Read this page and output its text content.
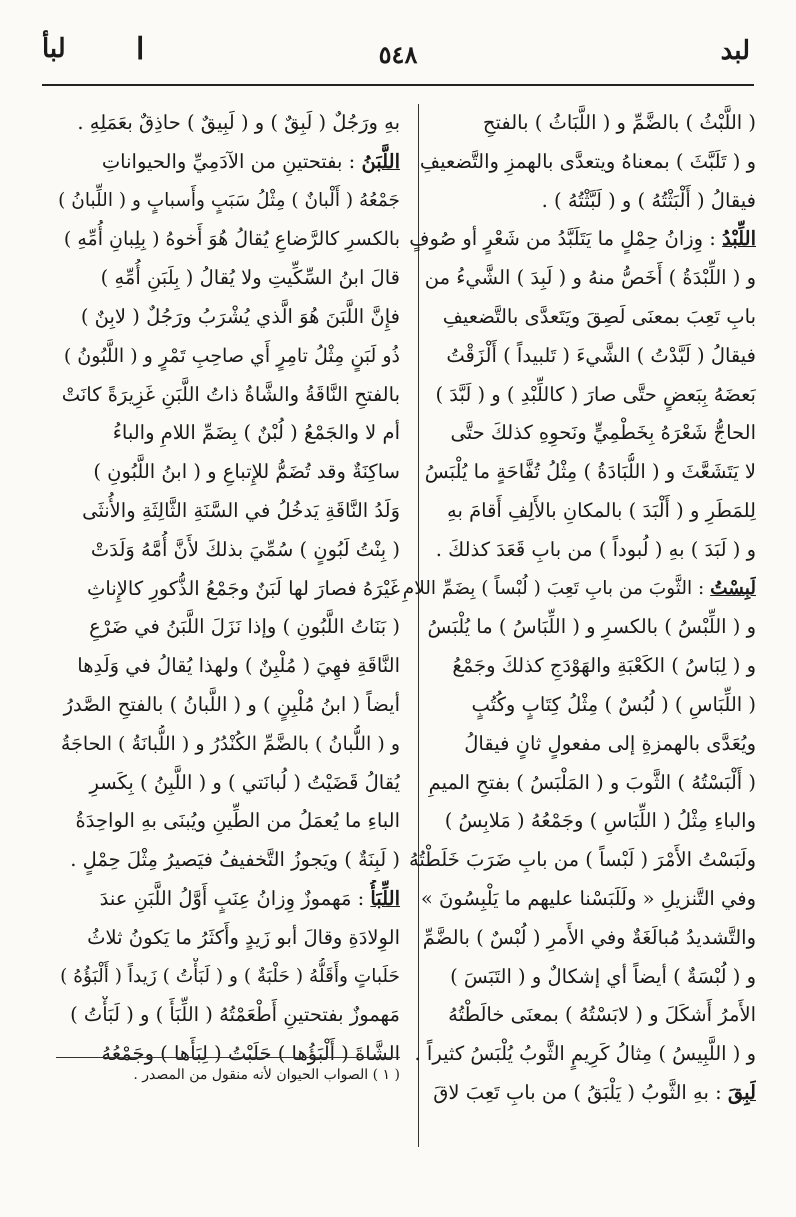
لبد
٥٤٨
ا
لبأ
( اللَّبْثُ ) بالضَّمِّ و ( اللَّبَاثُ ) بالفتحِ
و ( تَلَبَّثَ ) بمعناهُ ويتعدَّى بالهمزِ والتَّضعيفِ
فيقالُ ( أَلْبَثْتُهُ ) و ( لَبَّثْتُهُ ) .
اللِّبْدُ : وِزانُ حِمْلٍ ما يَتَلَبَّدُ من شَعْرٍ أو صُوفٍ
و ( اللِّبْدَةُ ) أَخَصُّ منهُ و ( لَبِدَ ) الشَّيءُ من
بابِ تَعِبَ بمعنَى لَصِقَ ويَتَعدَّى بالتَّضعيفِ
فيقالُ ( لَبَّدْتُ ) الشَّيءَ ( تَلبيداً ) أَلْزَقْتُ
بَعضَهُ بِبَعضٍ حتَّى صارَ ( كاللِّبْدِ ) و ( لَبَّدَ )
الحاجُّ شَعْرَهُ بِخَطْمِيٍّ ونَحوِهِ كذلكَ حتَّى
لا يَتَشَعَّثَ و ( اللُّبَادَةُ ) مِثْلُ تُفَّاحَةٍ ما يُلْبَسُ
لِلمَطَرِ و ( أَلْبَدَ ) بالمكانِ بالأَلِفِ أَقامَ بهِ
و ( لَبَدَ ) بهِ ( لُبوداً ) من بابِ قَعَدَ كذلكَ .
لَبِسْتُ : الثَّوبَ من بابِ تَعِبَ ( لُبْساً ) بِضَمِّ اللامِ
و ( اللِّبْسُ ) بالكسرِ و ( اللِّبَاسُ ) ما يُلْبَسُ
و ( لِبَاسُ ) الكَعْبَةِ والهَوْدَجِ كذلكَ وجَمْعُ
( اللِّبَاسِ ) ( لُبُسٌ ) مِثْلُ كِتَابٍ وكُتُبٍ
ويُعَدَّى بالهمزةِ إلى مفعولٍ ثانٍ فيقالُ
( أَلْبَسْتُهُ ) الثَّوبَ و ( المَلْبَسُ ) بفتحِ الميمِ
والباءِ مِثْلُ ( اللِّبَاسِ ) وجَمْعُهُ ( مَلابِسُ )
ولَبَسْتُ الأَمْرَ ( لَبْساً ) من بابِ ضَرَبَ خَلَطْتُهُ
وفي التَّنزيلِ « ولَلَبَسْنا عليهم ما يَلْبِسُونَ »
والتَّشديدُ مُبالَغَةٌ وفي الأَمرِ ( لُبْسٌ ) بالضَّمِّ
و ( لُبْسَةٌ ) أيضاً أي إشكالٌ و ( التَبَسَ )
الأَمرُ أَشكَلَ و ( لابَسْتُهُ ) بمعنَى خالَطْتُهُ
و ( اللَّبِيسُ ) مِثالُ كَرِيمٍ الثَّوبُ يُلْبَسُ كثيراً .
لَبِقَ : بهِ الثَّوبُ ( يَلْبَقُ ) من بابِ تَعِبَ لاقَ
بهِ ورَجُلٌ ( لَبِقٌ ) و ( لَبِيقٌ ) حاذِقٌ بعَمَلِهِ .
اللَّبَنُ : بفتحتينِ من الآدَمِيِّ والحيواناتِ
جَمْعُهُ ( أَلْبانٌ ) مِثْلُ سَبَبٍ وأَسبابٍ و ( اللِّبانُ )
بالكسرِ كالرَّضاعِ يُقالُ هُوَ أَخوهُ ( بِلِبانِ أُمِّهِ )
قالَ ابنُ السِّكِّيتِ ولا يُقالُ ( بِلَبَنِ أُمِّهِ )
فإِنَّ اللَّبَنَ هُوَ الَّذي يُشْرَبُ ورَجُلٌ ( لابِنٌ )
ذُو لَبَنٍ مِثْلُ تامِرٍ أَي صاحِبِ تَمْرٍ و ( اللَّبُونُ )
بالفتحِ النَّاقَةُ والشَّاةُ ذاتُ اللَّبَنِ غَزِيرَةً كانَتْ
أم لا والجَمْعُ ( لُبْنٌ ) بِضَمِّ اللامِ والباءُ
ساكِنَةٌ وقد تُضَمُّ للإِتباعِ و ( ابنُ اللَّبُونِ )
وَلَدُ النَّاقَةِ يَدخُلُ في السَّنَةِ الثَّالِثَةِ والأُنثَى
( بِنْتُ لَبُونٍ ) سُمِّيَ بذلكَ لأَنَّ أُمَّهُ وَلَدَتْ
غَيْرَهُ فصارَ لها لَبَنٌ وجَمْعُ الذُّكورِ كالإِناثِ
( بَنَاتُ اللَّبُونِ ) وإذا نَزَلَ اللَّبَنُ في ضَرْعِ
النَّاقَةِ فهِيَ ( مُلْبِنٌ ) ولهذا يُقالُ في وَلَدِها
أيضاً ( ابنُ مُلْبِنٍ ) و ( اللَّبانُ ) بالفتحِ الصَّدرُ
و ( اللُّبانُ ) بالضَّمِّ الكُنْدُرُ و ( اللُّبانَةُ ) الحاجَةُ
يُقالُ قَضَيْتُ ( لُبانَتي ) و ( اللَّبِنُ ) بِكَسرِ
الباءِ ما يُعمَلُ من الطِّينِ ويُبنَى بهِ الواحِدَةُ
( لَبِنَةٌ ) ويَجوزُ التَّخفيفُ فيَصيرُ مِثْلَ حِمْلٍ .
اللِّبَأُ : مَهموزٌ وِزانُ عِنَبٍ أَوَّلُ اللَّبَنِ عندَ
الوِلادَةِ وقالَ أبو زَيدٍ وأَكثَرُ ما يَكونُ ثلاثُ
حَلَباتٍ وأَقَلُّهُ ( حَلْبَةٌ ) و ( لَبَأْتُ ) زَيداً ( أَلْبَؤُهُ )
مَهموزٌ بفتحتينِ أَطْعَمْتُهُ ( اللِّبَأَ ) و ( لَبَأْتُ )
الشَّاةَ ( أَلْبَؤُها ) حَلَبْتُ ( لِبَأَها ) وجَمْعُهُ
( ١ ) الصواب الحيوان لأنه منقول من المصدر .
